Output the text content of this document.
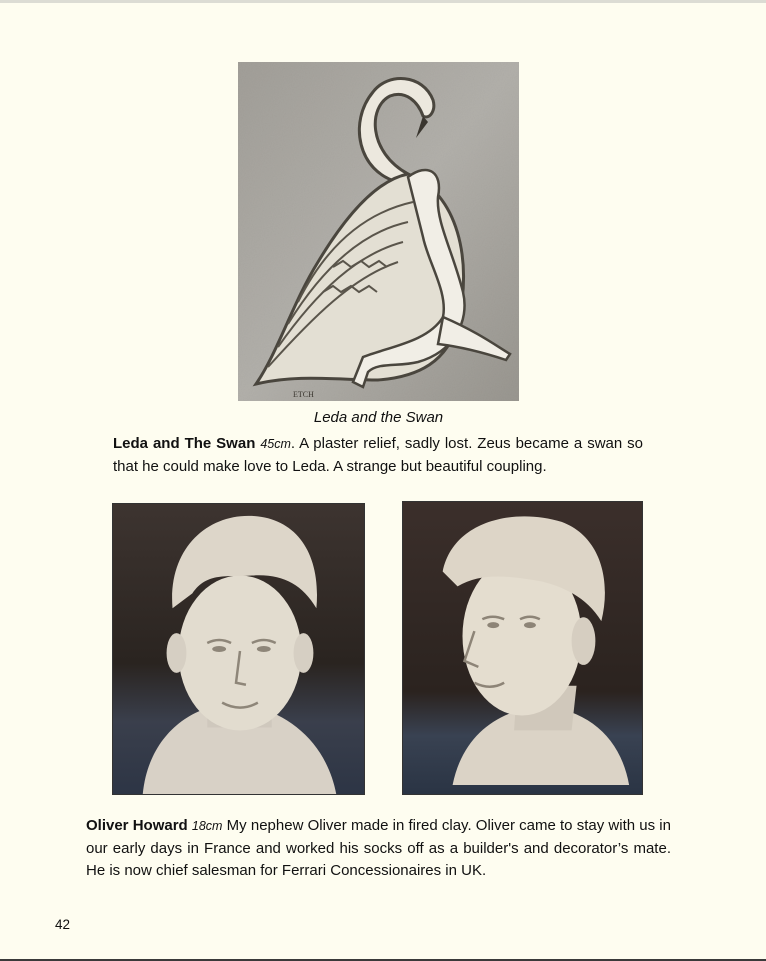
ETCH
Leda and the Swan

Leda and The Swan 45cm. A plaster relief, sadly lost. Zeus became a swan so that he could make love to Leda. A strange but beautiful coupling.

Oliver Howard 18cm My nephew Oliver made in fired clay. Oliver came to stay with us in our early days in France and worked his socks off as a builder's and decorator’s mate. He is now chief salesman for Ferrari Concessionaires in UK.

42
